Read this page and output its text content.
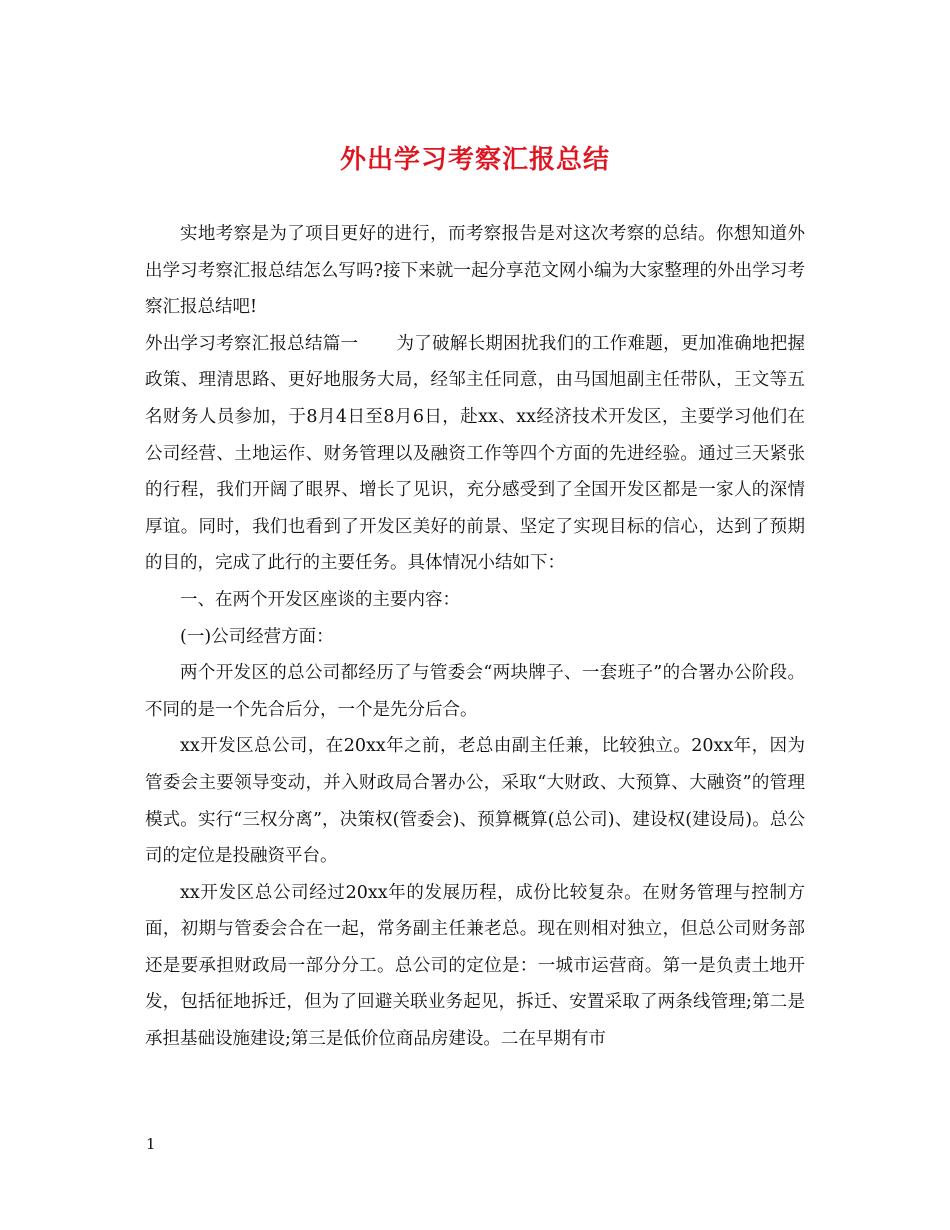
外出学习考察汇报总结

实地考察是为了项目更好的进行，而考察报告是对这次考察的总结。你想知道外出学习考察汇报总结怎么写吗?接下来就一起分享范文网小编为大家整理的外出学习考察汇报总结吧!

外出学习考察汇报总结篇一 为了破解长期困扰我们的工作难题，更加准确地把握政策、理清思路、更好地服务大局，经邹主任同意，由马国旭副主任带队，王文等五名财务人员参加，于8月4日至8月6日，赴xx、xx经济技术开发区，主要学习他们在公司经营、土地运作、财务管理以及融资工作等四个方面的先进经验。通过三天紧张的行程，我们开阔了眼界、增长了见识，充分感受到了全国开发区都是一家人的深情厚谊。同时，我们也看到了开发区美好的前景、坚定了实现目标的信心，达到了预期的目的，完成了此行的主要任务。具体情况小结如下：

一、在两个开发区座谈的主要内容：

(一)公司经营方面：

两个开发区的总公司都经历了与管委会“两块牌子、一套班子”的合署办公阶段。不同的是一个先合后分，一个是先分后合。

xx开发区总公司，在20xx年之前，老总由副主任兼，比较独立。20xx年，因为管委会主要领导变动，并入财政局合署办公，采取“大财政、大预算、大融资”的管理模式。实行“三权分离”，决策权(管委会)、预算概算(总公司)、建设权(建设局)。总公司的定位是投融资平台。

xx开发区总公司经过20xx年的发展历程，成份比较复杂。在财务管理与控制方面，初期与管委会合在一起，常务副主任兼老总。现在则相对独立，但总公司财务部还是要承担财政局一部分分工。总公司的定位是：一城市运营商。第一是负责土地开发，包括征地拆迁，但为了回避关联业务起见，拆迁、安置采取了两条线管理;第二是承担基础设施建设;第三是低价位商品房建设。二在早期有市

1
